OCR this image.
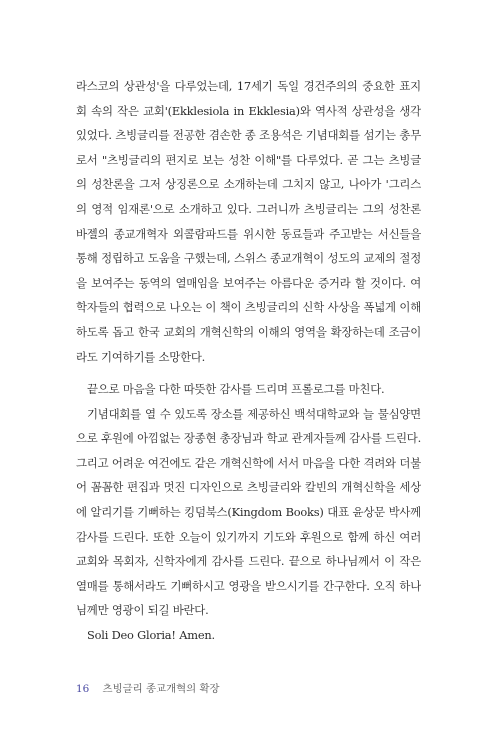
라스코의 상관성'을 다루었는데, 17세기 독일 경건주의의 중요한 표지
회 속의 작은 교회'(Ekklesiola in Ekklesia)와 역사적 상관성을 생각
있었다. 츠빙글리를 전공한 겸손한 종 조용석은 기념대회를 섬기는 총무
로서 "츠빙글리의 편지로 보는 성찬 이해"를 다루었다. 곧 그는 츠빙글
의 성찬론을 그저 상징론으로 소개하는데 그치지 않고, 나아가 '그리스
의 영적 임재론'으로 소개하고 있다. 그러니까 츠빙글리는 그의 성찬론
바젤의 종교개혁자 외콜람파드를 위시한 동료들과 주고받는 서신들을
통해 정립하고 도움을 구했는데, 스위스 종교개혁이 성도의 교제의 절정
을 보여주는 동역의 열매임을 보여주는 아름다운 증거라 할 것이다. 여
학자들의 협력으로 나오는 이 책이 츠빙글리의 신학 사상을 폭넓게 이해
하도록 돕고 한국 교회의 개혁신학의 이해의 영역을 확장하는데 조금이
라도 기여하기를 소망한다.
끝으로 마음을 다한 따뜻한 감사를 드리며 프롤로그를 마친다.
기념대회를 열 수 있도록 장소를 제공하신 백석대학교와 늘 물심양면
으로 후원에 아낌없는 장종현 총장님과 학교 관계자들께 감사를 드린다.
그리고 어려운 여건에도 같은 개혁신학에 서서 마음을 다한 격려와 더불
어 꼼꼼한 편집과 멋진 디자인으로 츠빙글리와 칼빈의 개혁신학을 세상
에 알리기를 기뻐하는 킹덤북스(Kingdom Books) 대표 윤상문 박사께
감사를 드린다. 또한 오늘이 있기까지 기도와 후원으로 함께 하신 여러
교회와 목회자, 신학자에게 감사를 드린다. 끝으로 하나님께서 이 작은
열매를 통해서라도 기뻐하시고 영광을 받으시기를 간구한다. 오직 하나
님께만 영광이 되길 바란다.
Soli Deo Gloria! Amen.
16 츠빙글리 종교개혁의 확장
